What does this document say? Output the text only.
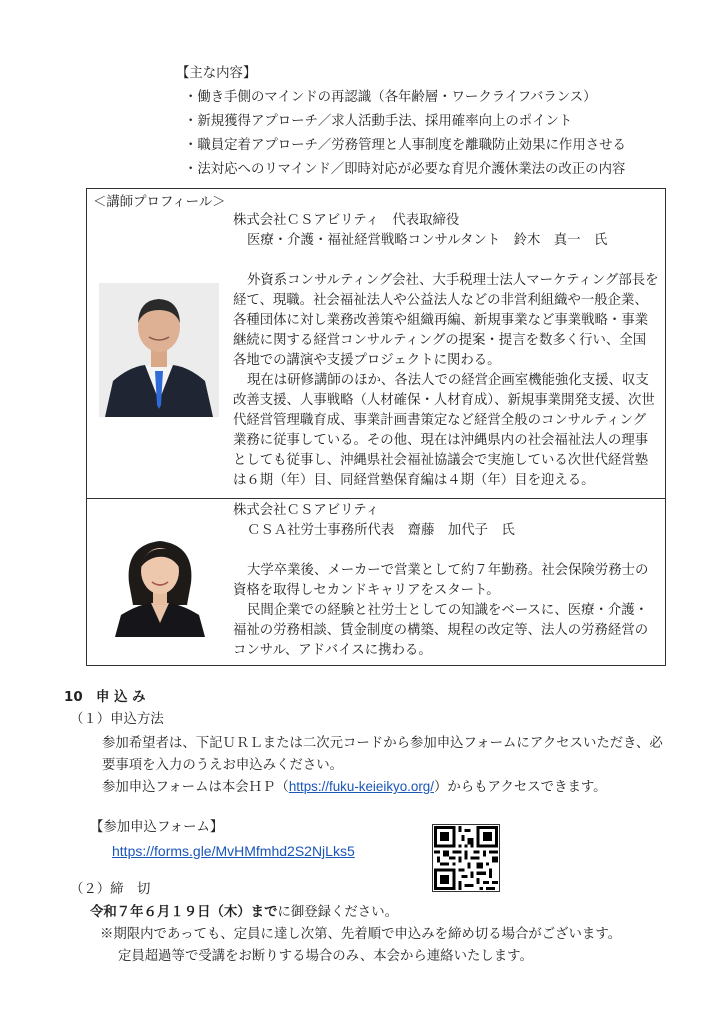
【主な内容】
・働き手側のマインドの再認識（各年齢層・ワークライフバランス）
・新規獲得アプローチ／求人活動手法、採用確率向上のポイント
・職員定着アプローチ／労務管理と人事制度を離職防止効果に作用させる
・法対応へのリマインド／即時対応が必要な育児介護休業法の改正の内容
＜講師プロフィール＞
株式会社ＣＳアビリティ　代表取締役
医療・介護・福祉経営戦略コンサルタント　鈴木　真一　氏

外資系コンサルティング会社、大手税理士法人マーケティング部長を経て、現職。社会福祉法人や公益法人などの非営利組織や一般企業、各種団体に対し業務改善策や組織再編、新規事業など事業戦略・事業継続に関する経営コンサルティングの提案・提言を数多く行い、全国各地での講演や支援プロジェクトに関わる。

現在は研修講師のほか、各法人での経営企画室機能強化支援、収支改善支援、人事戦略（人材確保・人材育成）、新規事業開発支援、次世代経営管理職育成、事業計画書策定など経営全般のコンサルティング業務に従事している。その他、現在は沖縄県内の社会福祉法人の理事としても従事し、沖縄県社会福祉協議会で実施している次世代経営塾は６期（年）目、同経営塾保育編は４期（年）目を迎える。

株式会社ＣＳアビリティ
ＣＳＡ社労士事務所代表　齋藤　加代子　氏

大学卒業後、メーカーで営業として約７年勤務。社会保険労務士の資格を取得しセカンドキャリアをスタート。

民間企業での経験と社労士としての知識をベースに、医療・介護・福祉の労務相談、賃金制度の構築、規程の改定等、法人の労務経営のコンサル、アドバイスに携わる。

10　申 込 み
（１）申込方法
参加希望者は、下記ＵＲＬまたは二次元コードから参加申込フォームにアクセスいただき、必要事項を入力のうえお申込みください。
参加申込フォームは本会ＨＰ（https://fuku-keieikyo.org/）からもアクセスできます。
【参加申込フォーム】
https://forms.gle/MvHMfmhd2S2NjLks5
（２）締　切
令和７年６月１９日（木）までに御登録ください。
※期限内であっても、定員に達し次第、先着順で申込みを締め切る場合がございます。
定員超過等で受講をお断りする場合のみ、本会から連絡いたします。
